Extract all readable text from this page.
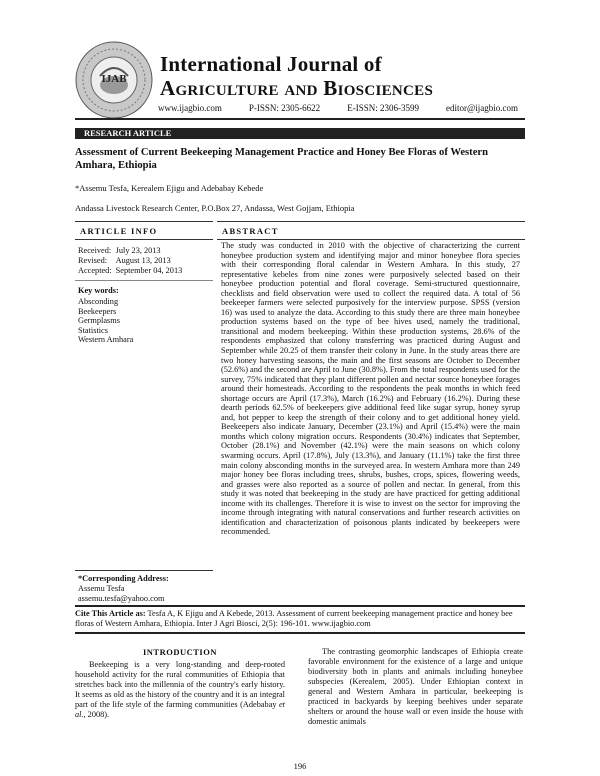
IJAB
International Journal of
Agriculture and Biosciences
www.ijagbio.com	P-ISSN: 2305-6622	E-ISSN: 2306-3599	editor@ijagbio.com
RESEARCH ARTICLE
Assessment of Current Beekeeping Management Practice and Honey Bee Floras of Western Amhara, Ethiopia
*Assemu Tesfa, Kerealem Ejigu and Adebabay Kebede
Andassa Livestock Research Center, P.O.Box 27, Andassa, West Gojjam, Ethiopia
ARTICLE INFO
Received:	July 23, 2013
Revised:	August 13, 2013
Accepted:	September 04, 2013
Key words:
Absconding
Beekeepers
Germplasms
Statistics
Western Amhara
*Corresponding Address:
Assemu Tesfa
assemu.tesfa@yahoo.com
ABSTRACT
The study was conducted in 2010 with the objective of characterizing the current honeybee production system and identifying major and minor honeybee flora species with their corresponding floral calendar in Western Amhara. In this study, 27 representative kebeles from nine zones were purposively selected based on their honeybee production potential and floral coverage. Semi-structured questionnaire, checklists and field observation were used to collect the required data. A total of 56 beekeeper farmers were selected purposively for the interview purpose. SPSS (version 16) was used to analyze the data. According to this study there are three main honeybee production systems based on the type of bee hives used, namely the traditional, transitional and modern beekeeping. Within these production systems, 28.6% of the respondents emphasized that colony transferring was practiced during August and September while 20.25 of them transfer their colony in June. In the study areas there are two honey harvesting seasons, the main and the first seasons are October to December (52.6%) and the second are April to June (30.8%). From the total respondents used for the survey, 75% indicated that they plant different pollen and nectar source honeybee forages around their homesteads. According to the respondents the peak months in which feed shortage occurs are April (17.3%), March (16.2%) and February (16.2%). During these dearth periods 62.5% of beekeepers give additional feed like sugar syrup, honey syrup and, hot pepper to keep the strength of their colony and to get additional honey yield. Beekeepers also indicate January, December (23.1%) and April (15.4%) were the main months which colony migration occurs. Respondents (30.4%) indicates that September, October (28.1%) and November (42.1%) were the main seasons on which colony swarming occurs. April (17.8%), July (13.3%), and January (11.1%) take the first three main colony absconding months in the surveyed area. In western Amhara more than 249 major honey bee floras including trees, shrubs, bushes, crops, spices, flowering weeds, and grasses were also reported as a source of pollen and nectar. In general, from this study it was noted that beekeeping in the study are have practiced for getting additional income with its challenges. Therefore it is wise to invest on the sector for improving the income through integrating with natural conservations and further research activities on identification and characterization of poisonous plants indicated by beekeepers were recommended.
Cite This Article as: Tesfa A, K Ejigu and A Kebede, 2013. Assessment of current beekeeping management practice and honey bee floras of Western Amhara, Ethiopia. Inter J Agri Biosci, 2(5): 196-101. www.ijagbio.com
INTRODUCTION
Beekeeping is a very long-standing and deep-rooted household activity for the rural communities of Ethiopia that stretches back into the millennia of the country's early history. It seems as old as the history of the country and it is an integral part of the life style of the farming communities (Adebabay et al., 2008).
The contrasting geomorphic landscapes of Ethiopia create favorable environment for the existence of a large and unique biodiversity both in plants and animals including honeybee subspecies (Kerealem, 2005). Under Ethiopian context in general and Western Amhara in particular, beekeeping is practiced in backyards by keeping beehives under separate shelters or around the house wall or even inside the house with domestic animals
196
